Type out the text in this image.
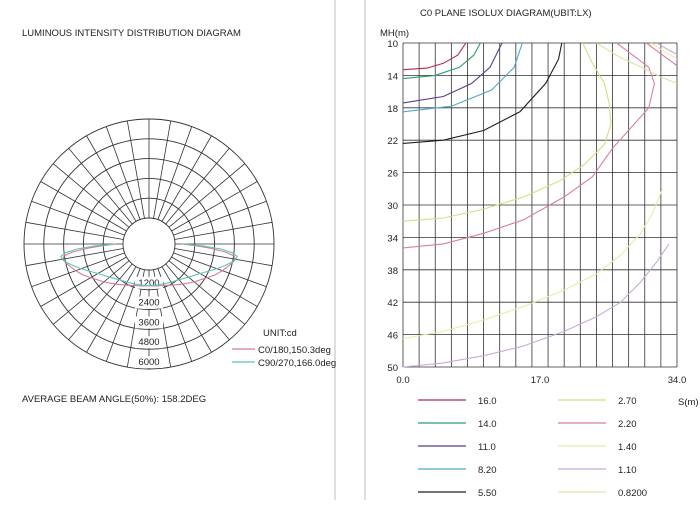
LUMINOUS INTENSITY DISTRIBUTION DIAGRAM
1200
2400
3600
4800
6000
UNIT:cd
C0/180,150.3deg
C90/270,166.0deg
AVERAGE BEAM ANGLE(50%): 158.2DEG
C0 PLANE ISOLUX DIAGRAM(UBIT:LX)
MH(m)
S(m)
10
14
18
22
26
30
34
38
42
46
50
0.0	17.0	34.0
16.0
14.0
11.0
8.20
5.50
2.70
2.20
1.40
1.10
0.8200
